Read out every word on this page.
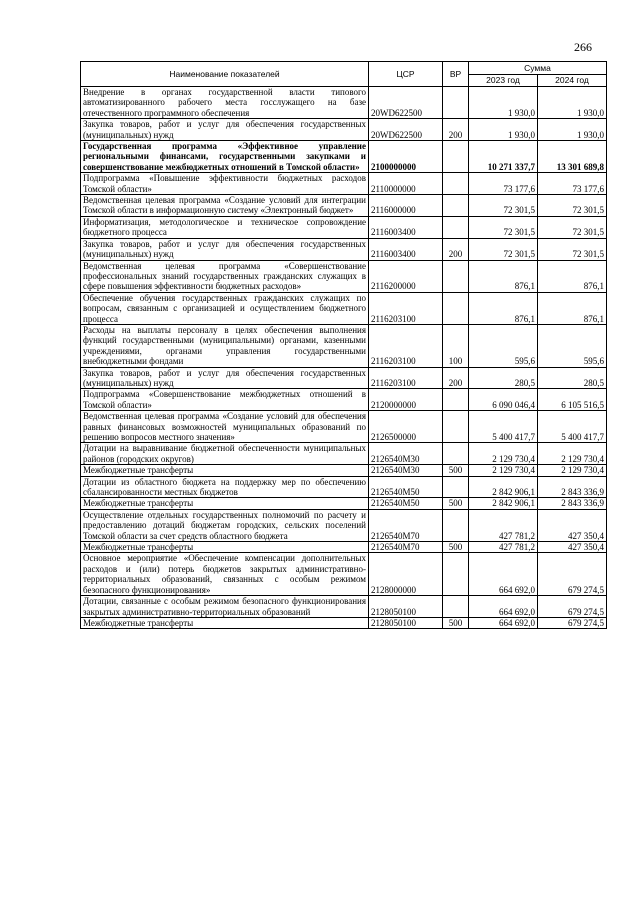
266
Наименование показателей	ЦСР	ВР	Сумма	
			2023 год	2024 год
Внедрение в органах государственной власти типового автоматизированного рабочего места госслужащего на базе отечественного программного обеспечения	20WD622500		1 930,0	1 930,0
Закупка товаров, работ и услуг для обеспечения государственных (муниципальных) нужд	20WD622500	200	1 930,0	1 930,0
Государственная программа «Эффективное управление региональными финансами, государственными закупками и совершенствование межбюджетных отношений в Томской области»	2100000000		10 271 337,7	13 301 689,8
Подпрограмма «Повышение эффективности бюджетных расходов Томской области»	2110000000		73 177,6	73 177,6
Ведомственная целевая программа «Создание условий для интеграции Томской области в информационную систему «Электронный бюджет»	2116000000		72 301,5	72 301,5
Информатизация, методологическое и техническое сопровождение бюджетного процесса	2116003400		72 301,5	72 301,5
Закупка товаров, работ и услуг для обеспечения государственных (муниципальных) нужд	2116003400	200	72 301,5	72 301,5
Ведомственная целевая программа «Совершенствование профессиональных знаний государственных гражданских служащих в сфере повышения эффективности бюджетных расходов»	2116200000		876,1	876,1
Обеспечение обучения государственных гражданских служащих по вопросам, связанным с организацией и осуществлением бюджетного процесса	2116203100		876,1	876,1
Расходы на выплаты персоналу в целях обеспечения выполнения функций государственными (муниципальными) органами, казенными учреждениями, органами управления государственными внебюджетными фондами	2116203100	100	595,6	595,6
Закупка товаров, работ и услуг для обеспечения государственных (муниципальных) нужд	2116203100	200	280,5	280,5
Подпрограмма «Совершенствование межбюджетных отношений в Томской области»	2120000000		6 090 046,4	6 105 516,5
Ведомственная целевая программа «Создание условий для обеспечения равных финансовых возможностей муниципальных образований по решению вопросов местного значения»	2126500000		5 400 417,7	5 400 417,7
Дотации на выравнивание бюджетной обеспеченности муниципальных районов (городских округов)	2126540М30		2 129 730,4	2 129 730,4
Межбюджетные трансферты	2126540М30	500	2 129 730,4	2 129 730,4
Дотации из областного бюджета на поддержку мер по обеспечению сбалансированности местных бюджетов	2126540М50		2 842 906,1	2 843 336,9
Межбюджетные трансферты	2126540М50	500	2 842 906,1	2 843 336,9
Осуществление отдельных государственных полномочий по расчету и предоставлению дотаций бюджетам городских, сельских поселений Томской области за счет средств областного бюджета	2126540М70		427 781,2	427 350,4
Межбюджетные трансферты	2126540М70	500	427 781,2	427 350,4
Основное мероприятие «Обеспечение компенсации дополнительных расходов и (или) потерь бюджетов закрытых административно-территориальных образований, связанных с особым режимом безопасного функционирования»	2128000000		664 692,0	679 274,5
Дотации, связанные с особым режимом безопасного функционирования закрытых административно-территориальных образований	2128050100		664 692,0	679 274,5
Межбюджетные трансферты	2128050100	500	664 692,0	679 274,5
